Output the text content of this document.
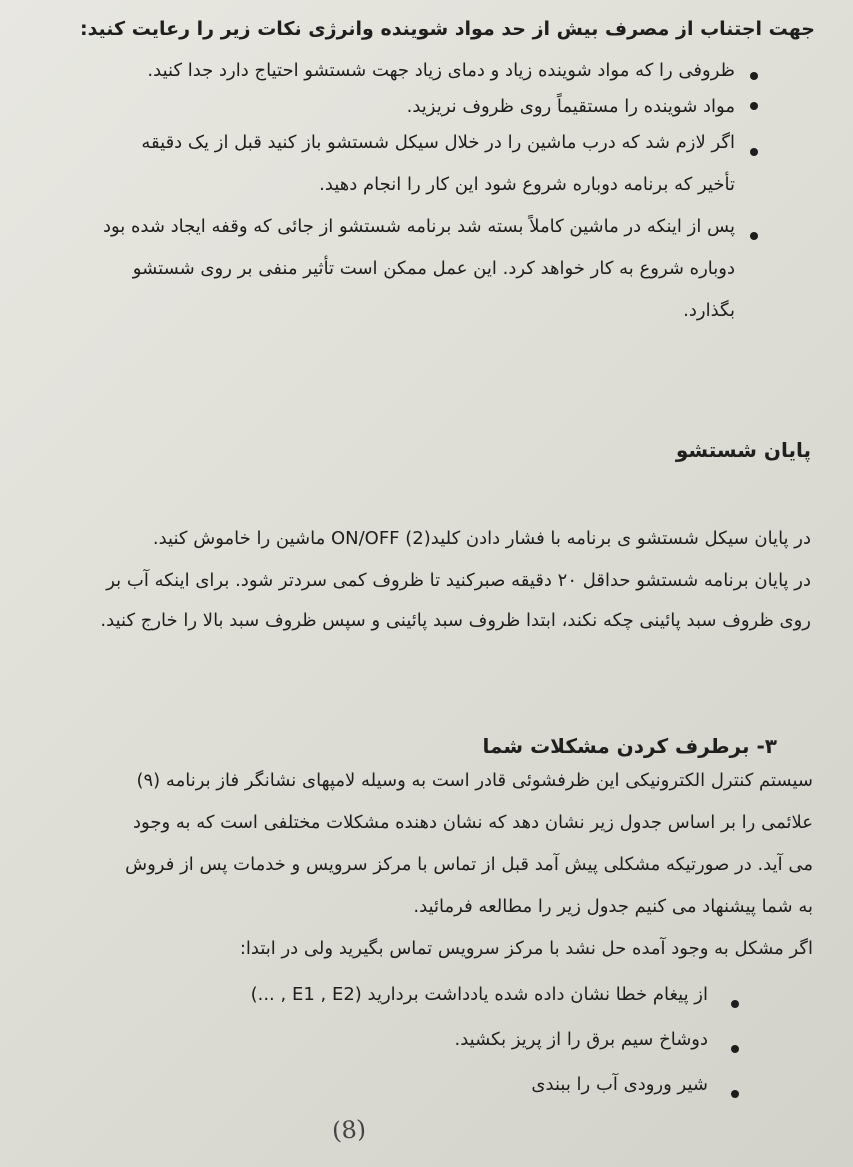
جهت اجتناب از مصرف بیش از حد مواد شوینده وانرژی نکات زیر را رعایت کنید:
ظروفی را که مواد شوینده زیاد و دمای زیاد جهت شستشو احتیاج دارد جدا کنید.
مواد شوینده را مستقیماً روی ظروف نریزید.
اگر لازم شد که درب ماشین را در خلال سیکل شستشو باز کنید قبل از یک دقیقه
تأخیر که برنامه دوباره شروع شود این کار را انجام دهید.
پس از اینکه در ماشین کاملاً بسته شد برنامه شستشو از جائی که وقفه ایجاد شده بود
دوباره شروع به کار خواهد کرد. این عمل ممکن است تأثیر منفی بر روی شستشو
بگذارد.
پایان شستشو
در پایان سیکل شستشو ی برنامه با فشار دادن کلید(2) ON/OFF ماشین را خاموش کنید.
در پایان برنامه شستشو حداقل ۲۰ دقیقه صبرکنید تا ظروف کمی سردتر شود. برای اینکه آب بر
روی ظروف سبد پائینی چکه نکند، ابتدا ظروف سبد پائینی و سپس ظروف سبد بالا را خارج کنید.
۳- برطرف کردن مشکلات شما
سیستم کنترل الکترونیکی این ظرفشوئی قادر است به وسیله لامپهای نشانگر فاز برنامه (۹)
علائمی را بر اساس جدول زیر نشان دهد که نشان دهنده مشکلات مختلفی است که به وجود
می آید. در صورتیکه مشکلی پیش آمد قبل از تماس با مرکز سرویس و خدمات پس از فروش
به شما پیشنهاد می کنیم جدول زیر را مطالعه فرمائید.
اگر مشکل به وجود آمده حل نشد با مرکز سرویس تماس بگیرید ولی در ابتدا:
از پیغام خطا نشان داده شده یادداشت بردارید (E1 , E2 , ...)
دوشاخ سیم برق را از پریز بکشید.
شیر ورودی آب را ببندی
(8)
